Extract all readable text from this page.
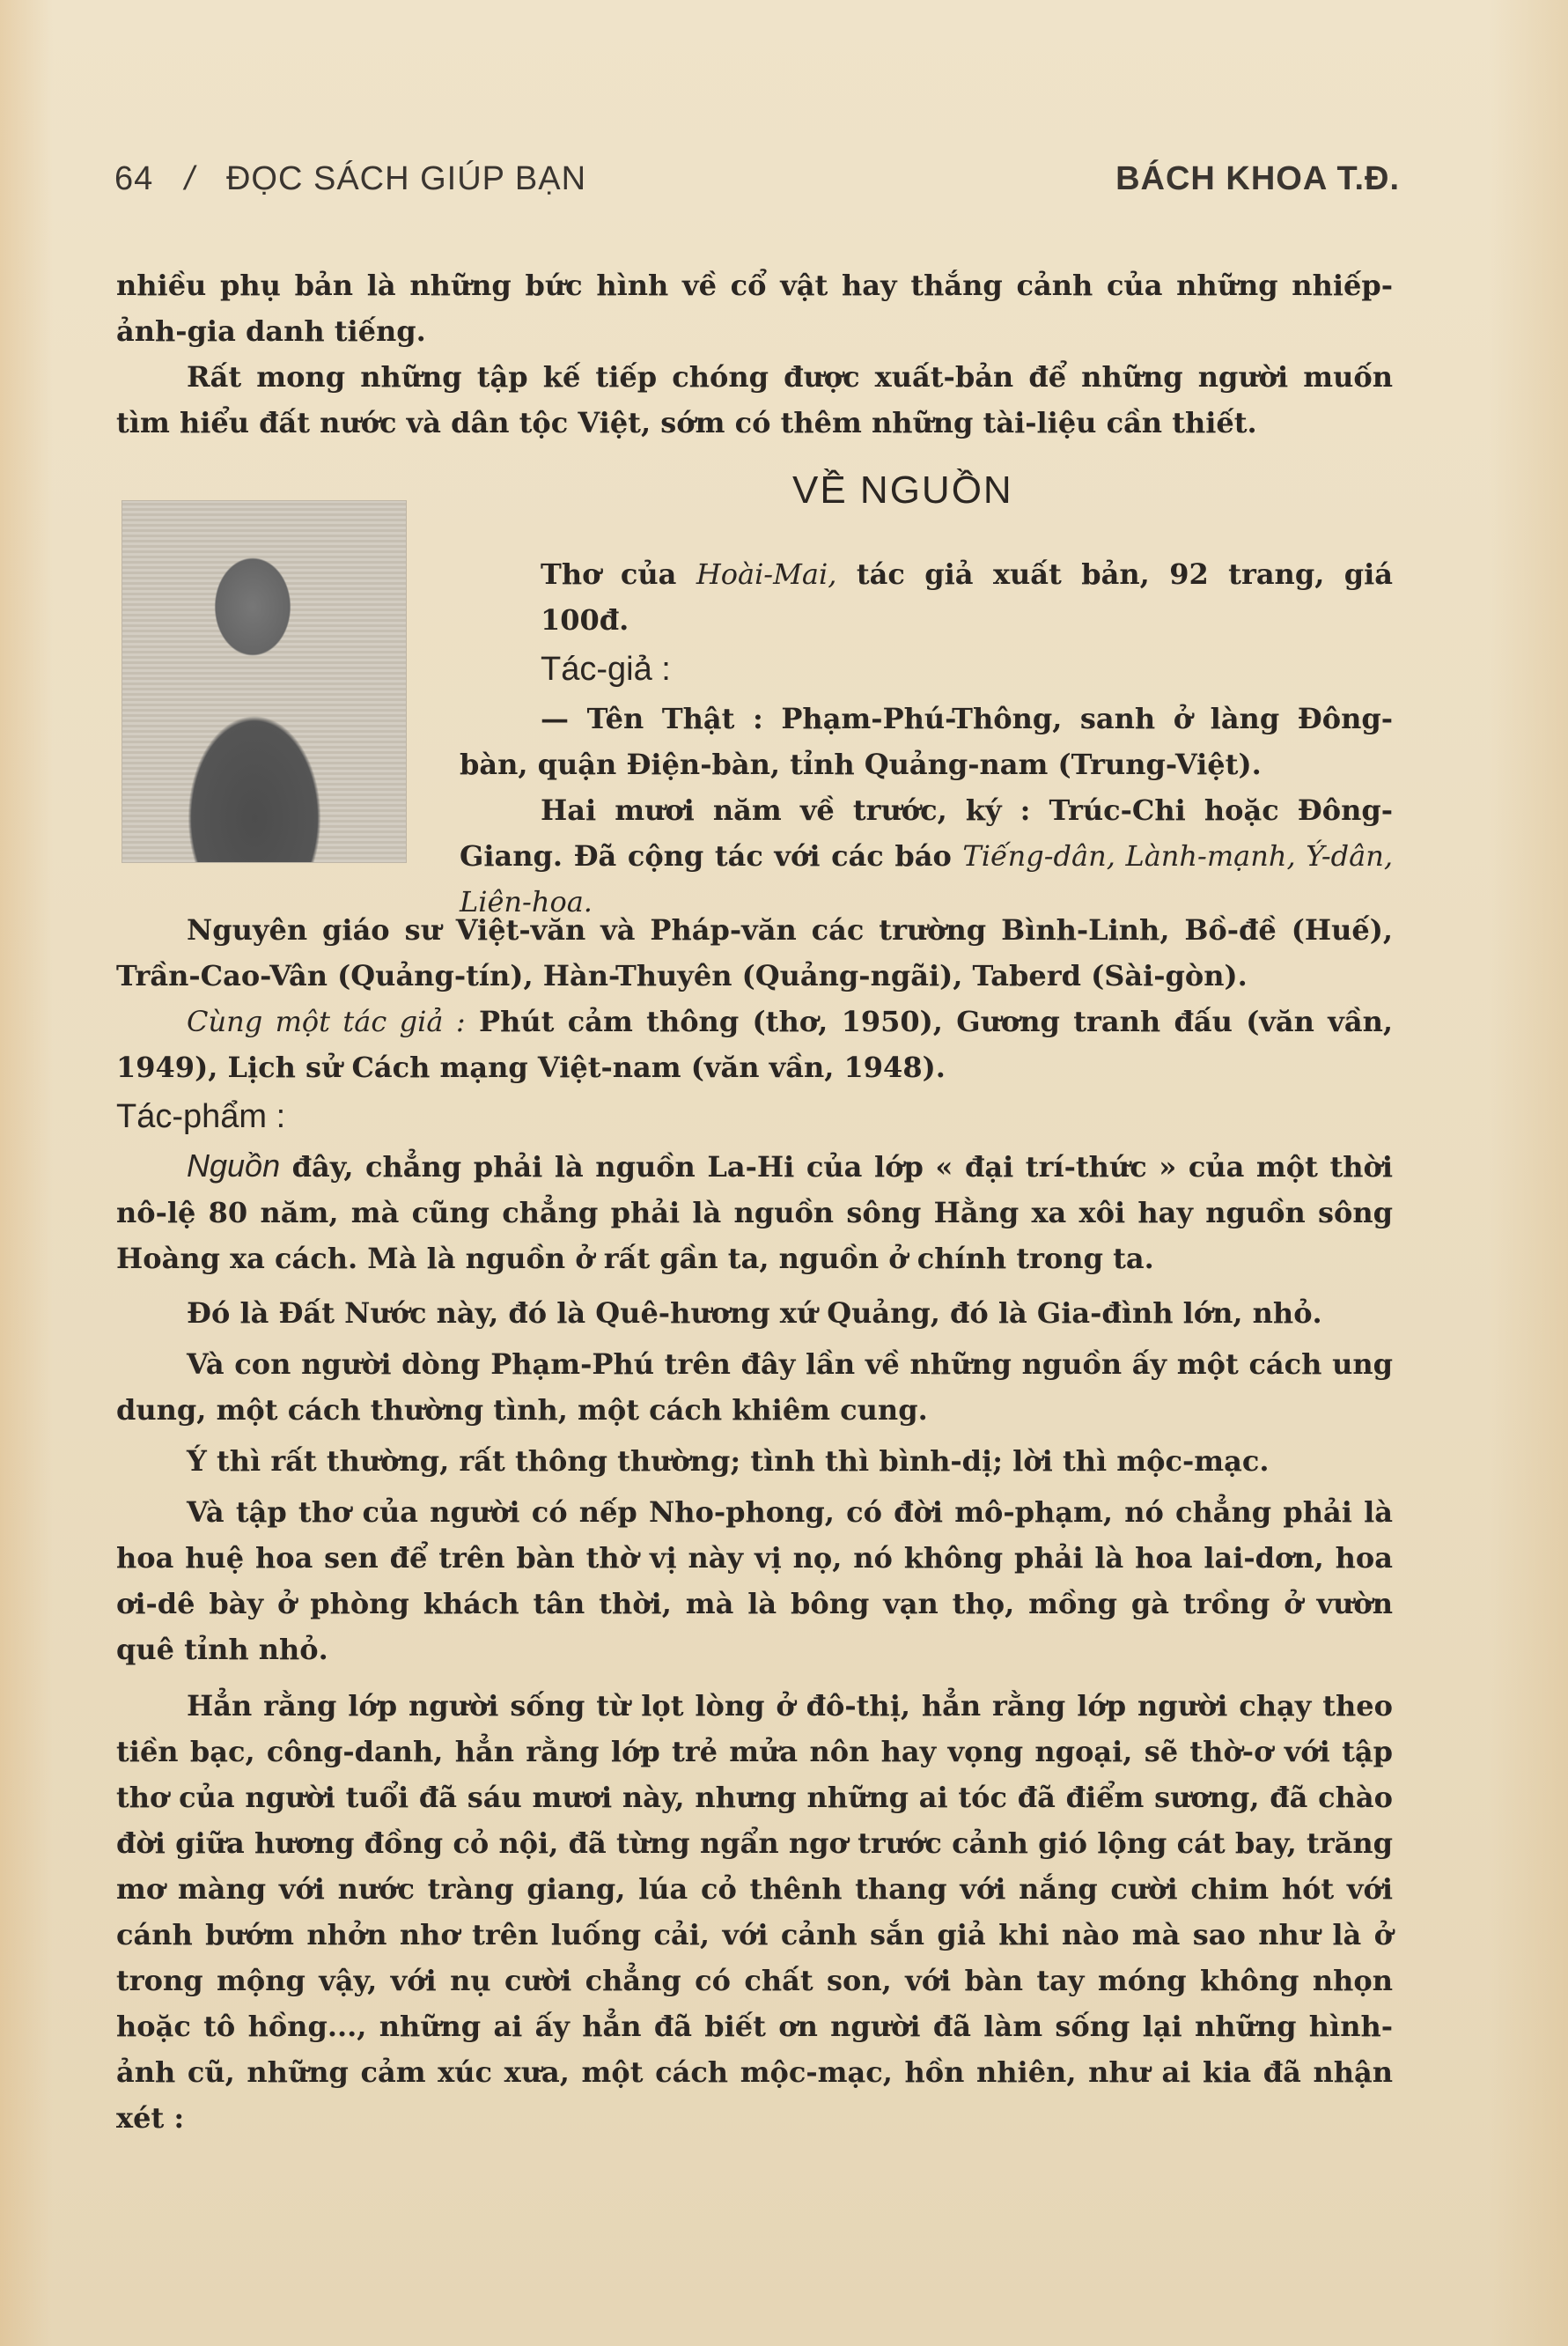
64 / ĐỌC SÁCH GIÚP BẠN	BÁCH KHOA T.Đ.

nhiều phụ bản là những bức hình về cổ vật hay thắng cảnh của những nhiếp-ảnh-gia danh tiếng.

Rất mong những tập kế tiếp chóng được xuất-bản để những người muốn tìm hiểu đất nước và dân tộc Việt, sớm có thêm những tài-liệu cần thiết.

VỀ NGUỒN

Thơ của Hoài-Mai, tác giả xuất bản, 92 trang, giá 100đ.

Tác-giả :

— Tên Thật : Phạm-Phú-Thông, sanh ở làng Đông-bàn, quận Điện-bàn, tỉnh Quảng-nam (Trung-Việt).

Hai mươi năm về trước, ký : Trúc-Chi hoặc Đông-Giang. Đã cộng tác với các báo Tiếng-dân, Lành-mạnh, Ý-dân, Liên-hoa.

Nguyên giáo sư Việt-văn và Pháp-văn các trường Bình-Linh, Bồ-đề (Huế), Trần-Cao-Vân (Quảng-tín), Hàn-Thuyên (Quảng-ngãi), Taberd (Sài-gòn).

Cùng một tác giả : Phút cảm thông (thơ, 1950), Gương tranh đấu (văn vần, 1949), Lịch sử Cách mạng Việt-nam (văn vần, 1948).

Tác-phẩm :

Nguồn đây, chẳng phải là nguồn La-Hi của lớp « đại trí-thức » của một thời nô-lệ 80 năm, mà cũng chẳng phải là nguồn sông Hằng xa xôi hay nguồn sông Hoàng xa cách. Mà là nguồn ở rất gần ta, nguồn ở chính trong ta.

Đó là Đất Nước này, đó là Quê-hương xứ Quảng, đó là Gia-đình lớn, nhỏ.

Và con người dòng Phạm-Phú trên đây lần về những nguồn ấy một cách ung dung, một cách thường tình, một cách khiêm cung.

Ý thì rất thường, rất thông thường; tình thì bình-dị; lời thì mộc-mạc.

Và tập thơ của người có nếp Nho-phong, có đời mô-phạm, nó chẳng phải là hoa huệ hoa sen để trên bàn thờ vị này vị nọ, nó không phải là hoa lai-dơn, hoa ơi-dê bày ở phòng khách tân thời, mà là bông vạn thọ, mồng gà trồng ở vườn quê tỉnh nhỏ.

Hẳn rằng lớp người sống từ lọt lòng ở đô-thị, hẳn rằng lớp người chạy theo tiền bạc, công-danh, hẳn rằng lớp trẻ mửa nôn hay vọng ngoại, sẽ thờ-ơ với tập thơ của người tuổi đã sáu mươi này, nhưng những ai tóc đã điểm sương, đã chào đời giữa hương đồng cỏ nội, đã từng ngẩn ngơ trước cảnh gió lộng cát bay, trăng mơ màng với nước tràng giang, lúa cỏ thênh thang với nắng cười chim hót với cánh bướm nhởn nhơ trên luống cải, với cảnh sắn giả khi nào mà sao như là ở trong mộng vậy, với nụ cười chẳng có chất son, với bàn tay móng không nhọn hoặc tô hồng..., những ai ấy hẳn đã biết ơn người đã làm sống lại những hình-ảnh cũ, những cảm xúc xưa, một cách mộc-mạc, hồn nhiên, như ai kia đã nhận xét :
